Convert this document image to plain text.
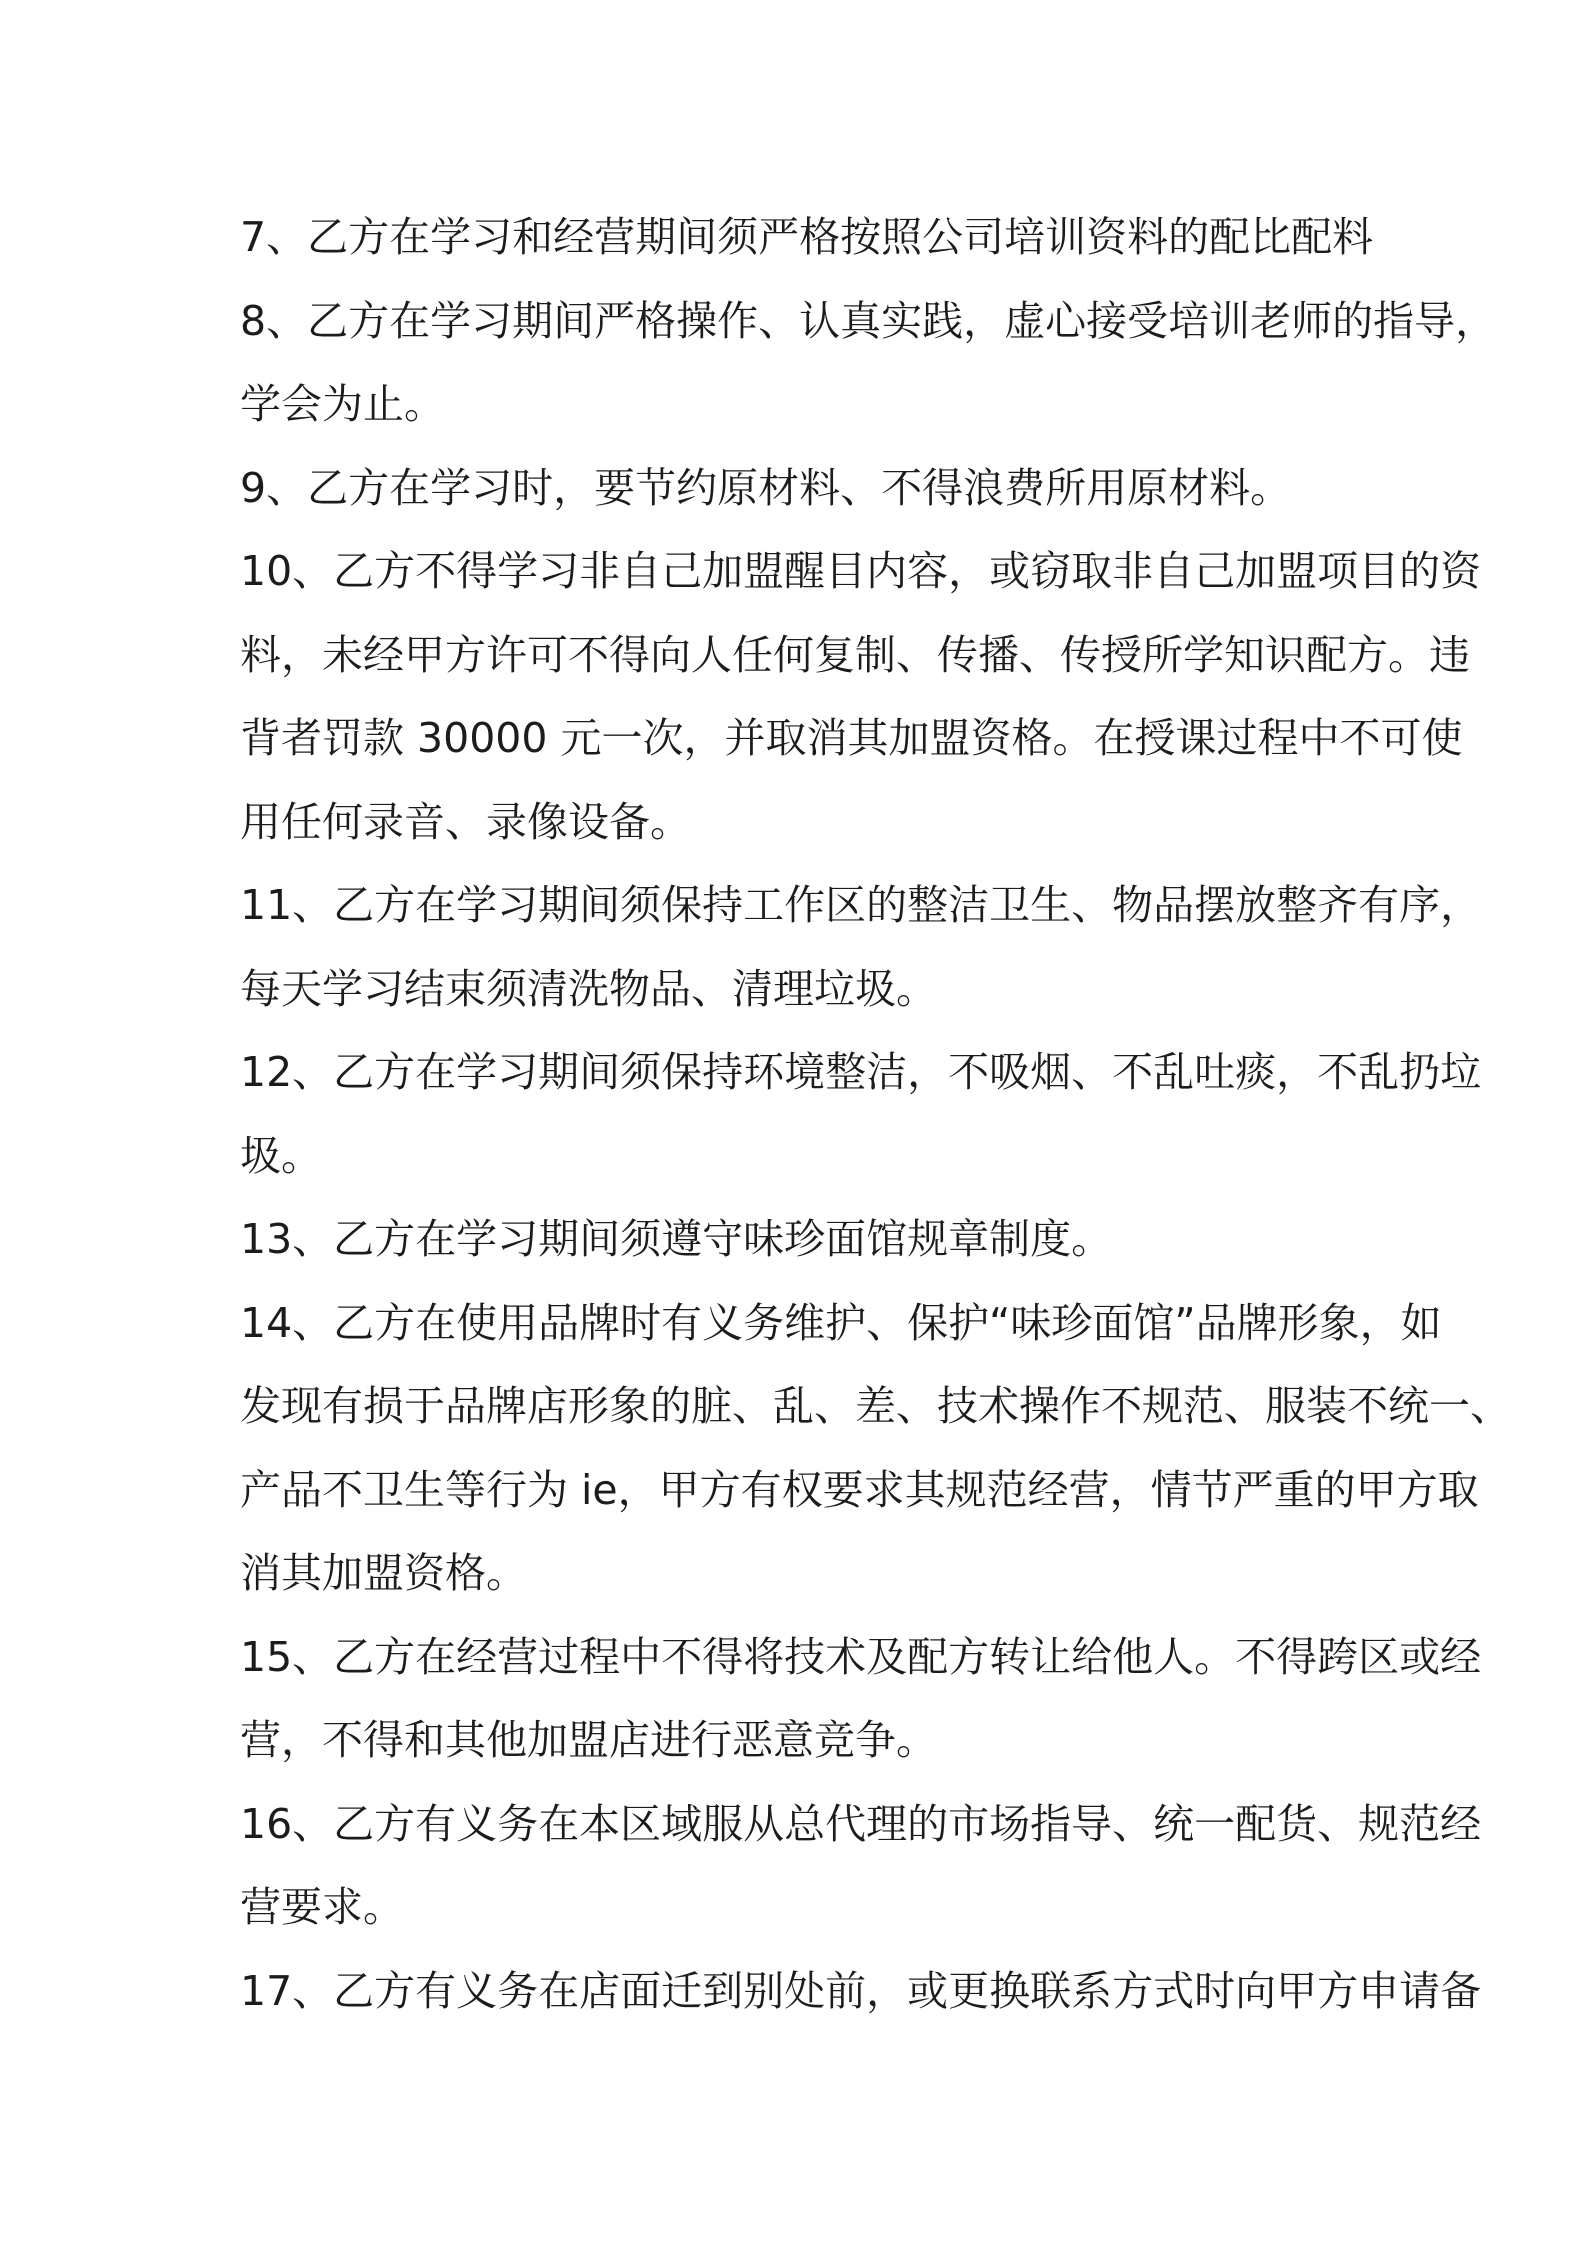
7、乙方在学习和经营期间须严格按照公司培训资料的配比配料
8、乙方在学习期间严格操作、认真实践，虚心接受培训老师的指导，
学会为止。
9、乙方在学习时，要节约原材料、不得浪费所用原材料。
10、乙方不得学习非自己加盟醒目内容，或窃取非自己加盟项目的资
料，未经甲方许可不得向人任何复制、传播、传授所学知识配方。违
背者罚款 30000 元一次，并取消其加盟资格。在授课过程中不可使
用任何录音、录像设备。
11、乙方在学习期间须保持工作区的整洁卫生、物品摆放整齐有序，
每天学习结束须清洗物品、清理垃圾。
12、乙方在学习期间须保持环境整洁，不吸烟、不乱吐痰，不乱扔垃
圾。
13、乙方在学习期间须遵守味珍面馆规章制度。
14、乙方在使用品牌时有义务维护、保护“味珍面馆”品牌形象，如
发现有损于品牌店形象的脏、乱、差、技术操作不规范、服装不统一、
产品不卫生等行为 ie，甲方有权要求其规范经营，情节严重的甲方取
消其加盟资格。
15、乙方在经营过程中不得将技术及配方转让给他人。不得跨区或经
营，不得和其他加盟店进行恶意竞争。
16、乙方有义务在本区域服从总代理的市场指导、统一配货、规范经
营要求。
17、乙方有义务在店面迁到别处前，或更换联系方式时向甲方申请备
